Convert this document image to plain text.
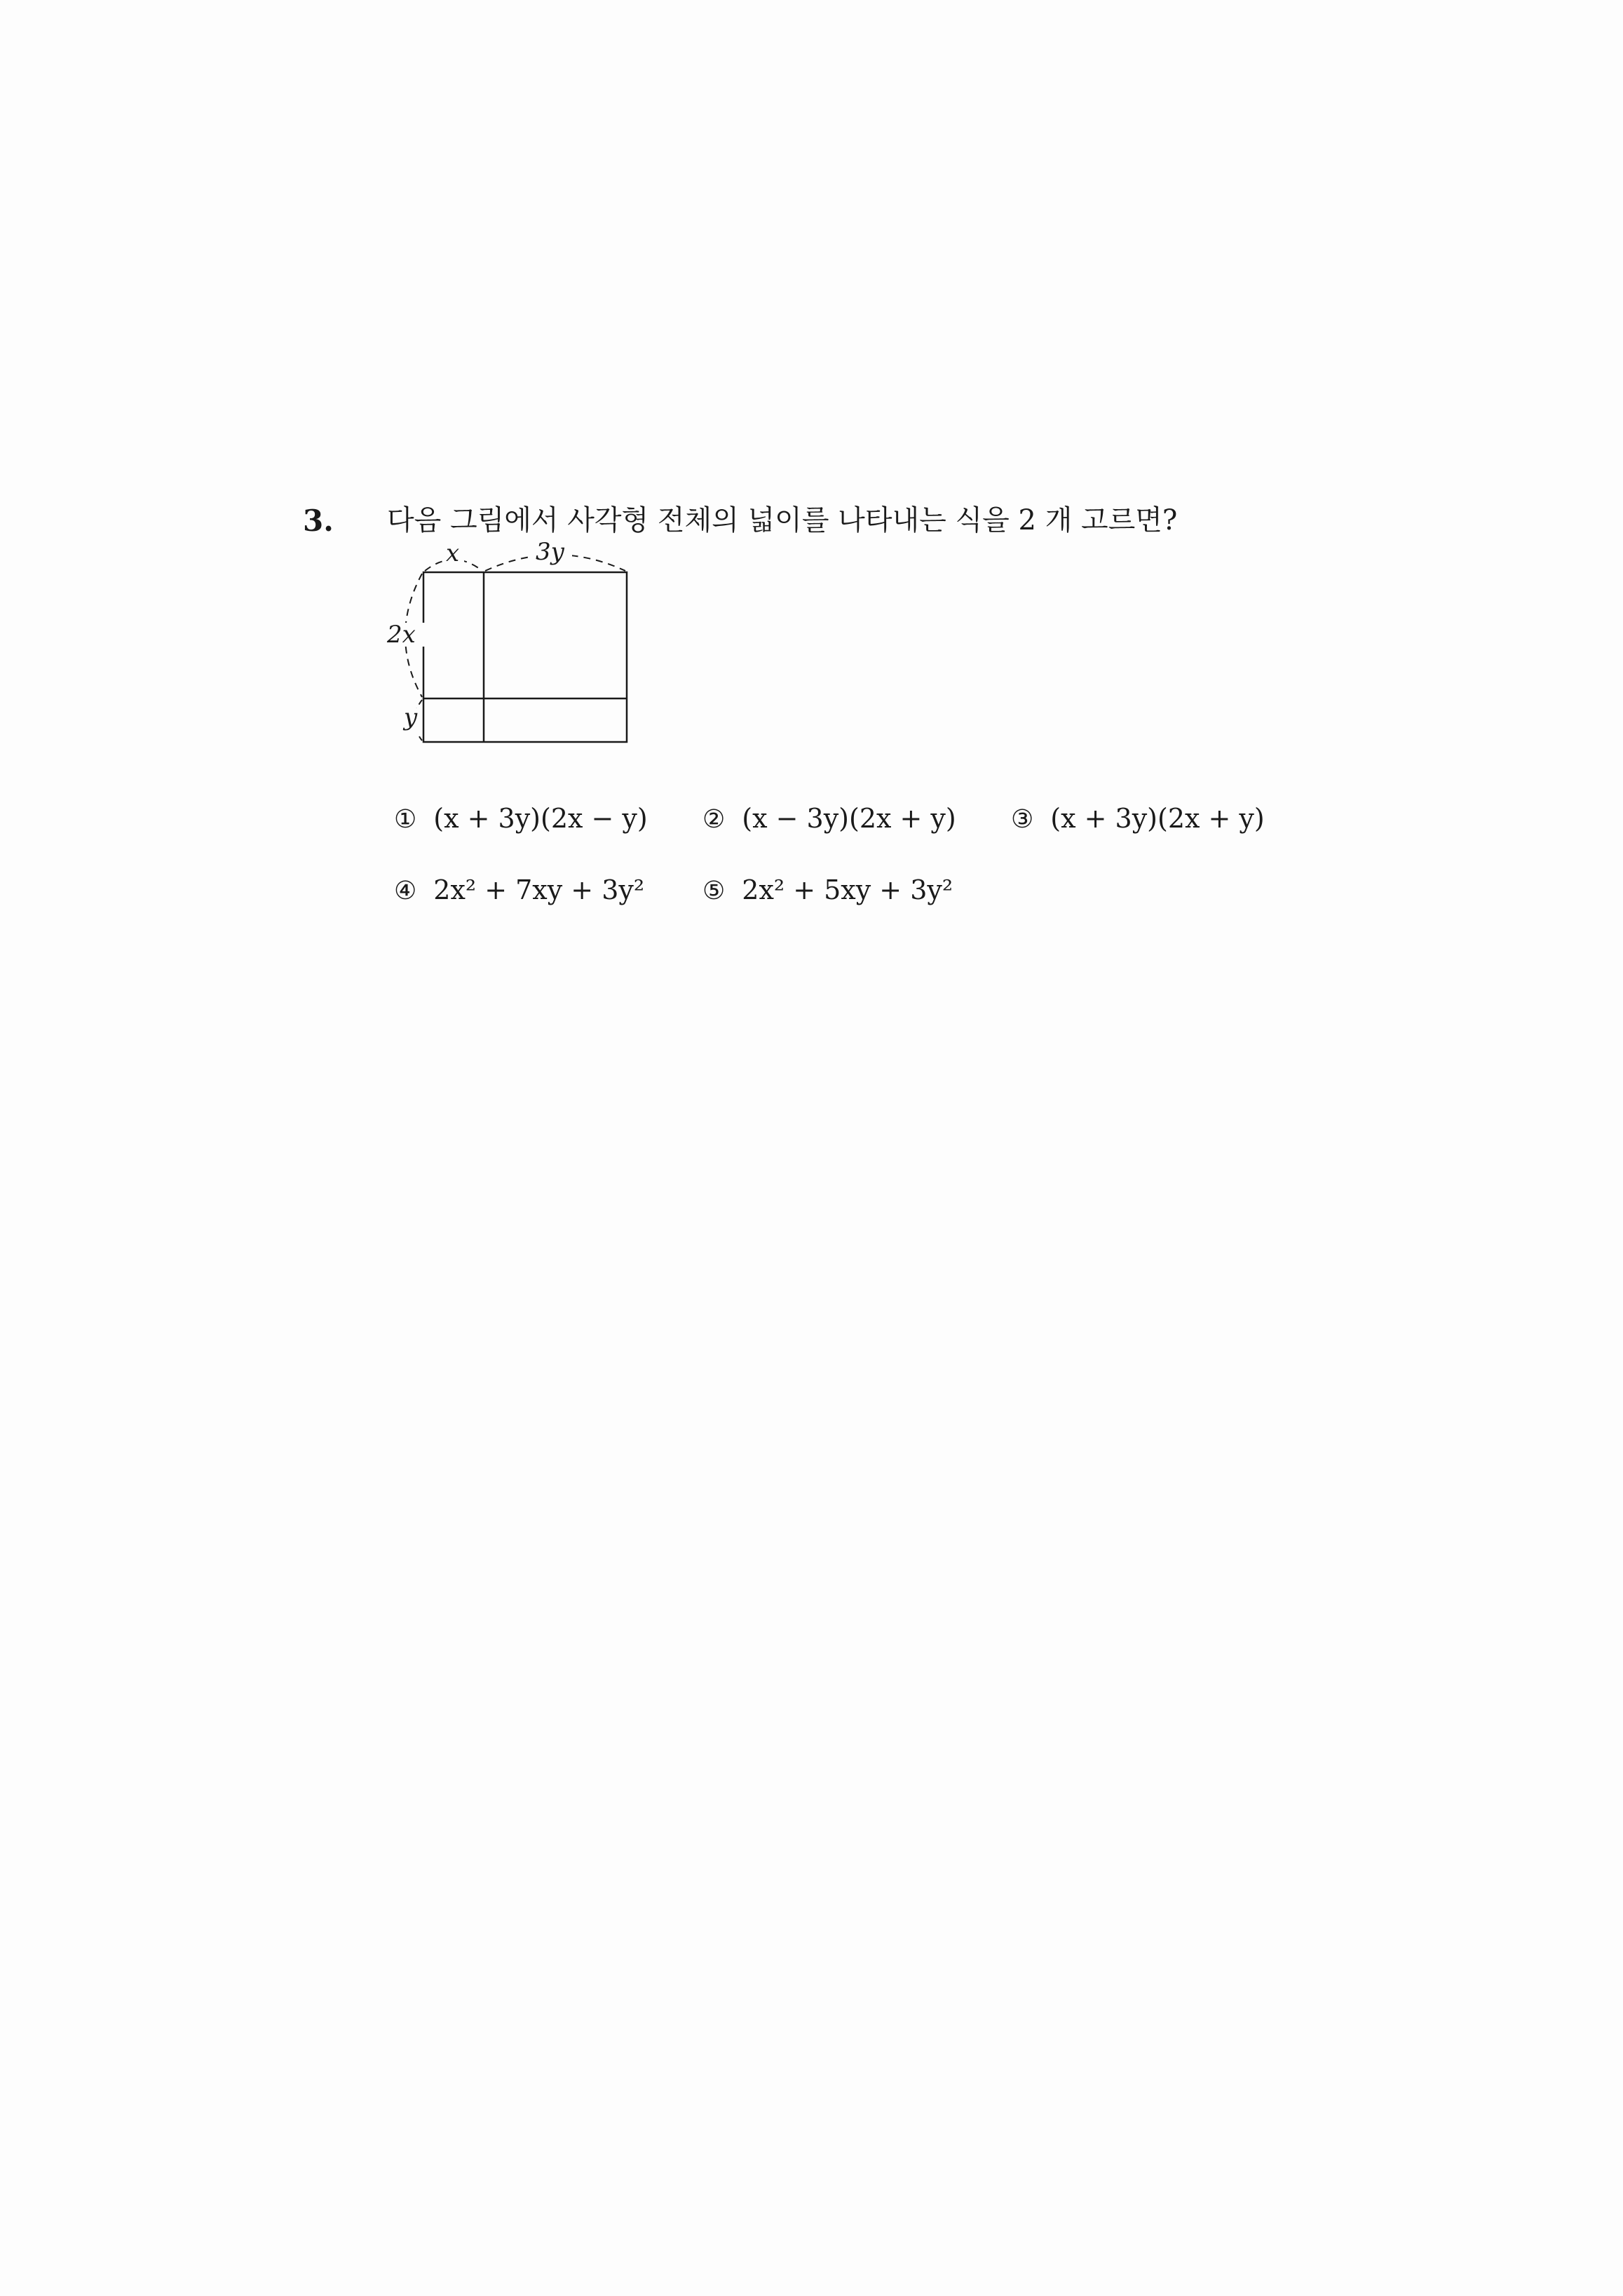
3. 다음 그림에서 사각형 전체의 넓이를 나타내는 식을 2 개 고르면?
x	3y
2x
y
① (x + 3y)(2x − y) ② (x − 3y)(2x + y) ③ (x + 3y)(2x + y)
④ 2x² + 7xy + 3y² ⑤ 2x² + 5xy + 3y²
